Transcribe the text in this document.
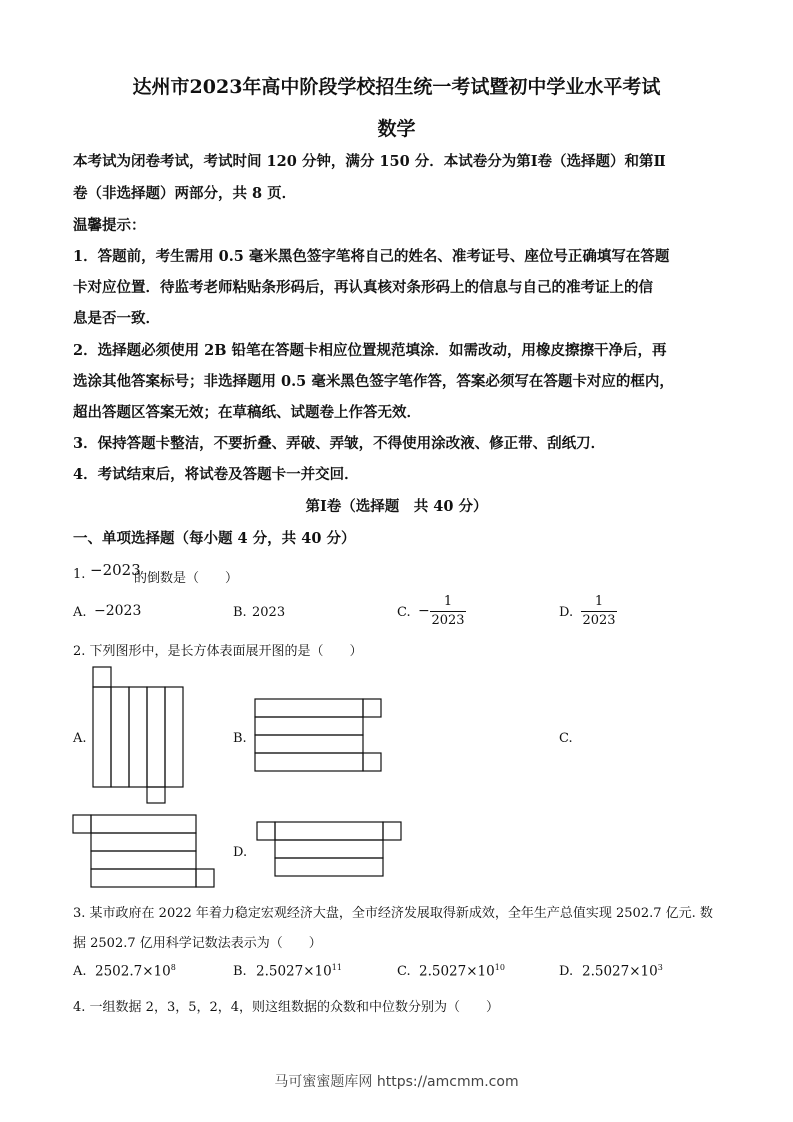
达州市2023年高中阶段学校招生统一考试暨初中学业水平考试
数学
本考试为闭卷考试，考试时间 120 分钟，满分 150 分．本试卷分为第Ⅰ卷（选择题）和第Ⅱ
卷（非选择题）两部分，共 8 页．
温馨提示：
1．答题前，考生需用 0.5 毫米黑色签字笔将自己的姓名、准考证号、座位号正确填写在答题
卡对应位置．待监考老师粘贴条形码后，再认真核对条形码上的信息与自己的准考证上的信
息是否一致．
2．选择题必须使用 2B 铅笔在答题卡相应位置规范填涂．如需改动，用橡皮擦擦干净后，再
选涂其他答案标号；非选择题用 0.5 毫米黑色签字笔作答，答案必须写在答题卡对应的框内，
超出答题区答案无效；在草稿纸、试题卷上作答无效．
3．保持答题卡整洁，不要折叠、弄破、弄皱，不得使用涂改液、修正带、刮纸刀．
4．考试结束后，将试卷及答题卡一并交回．
第Ⅰ卷（选择题　共 40 分）
一、单项选择题（每小题 4 分，共 40 分）
1. −2023
的倒数是（　　）
A. −2023	B. 2023	C. −
1
2023
D.
1
2023
2. 下列图形中，是长方体表面展开图的是（　　）
A.	B.	C.
D.
3. 某市政府在 2022 年着力稳定宏观经济大盘，全市经济发展取得新成效，全年生产总值实现 2502.7 亿元. 数
据 2502.7 亿用科学记数法表示为（　　）
A. $2502.7\times 10^8$	B. $2.5027\times 10^{11}$	C. $2.5027\times 10^{10}$	D. $2.5027\times 10^3$
4. 一组数据 2，3，5，2，4，则这组数据的众数和中位数分别为（　　）
马可蜜蜜题库网 https://amcmm.com
